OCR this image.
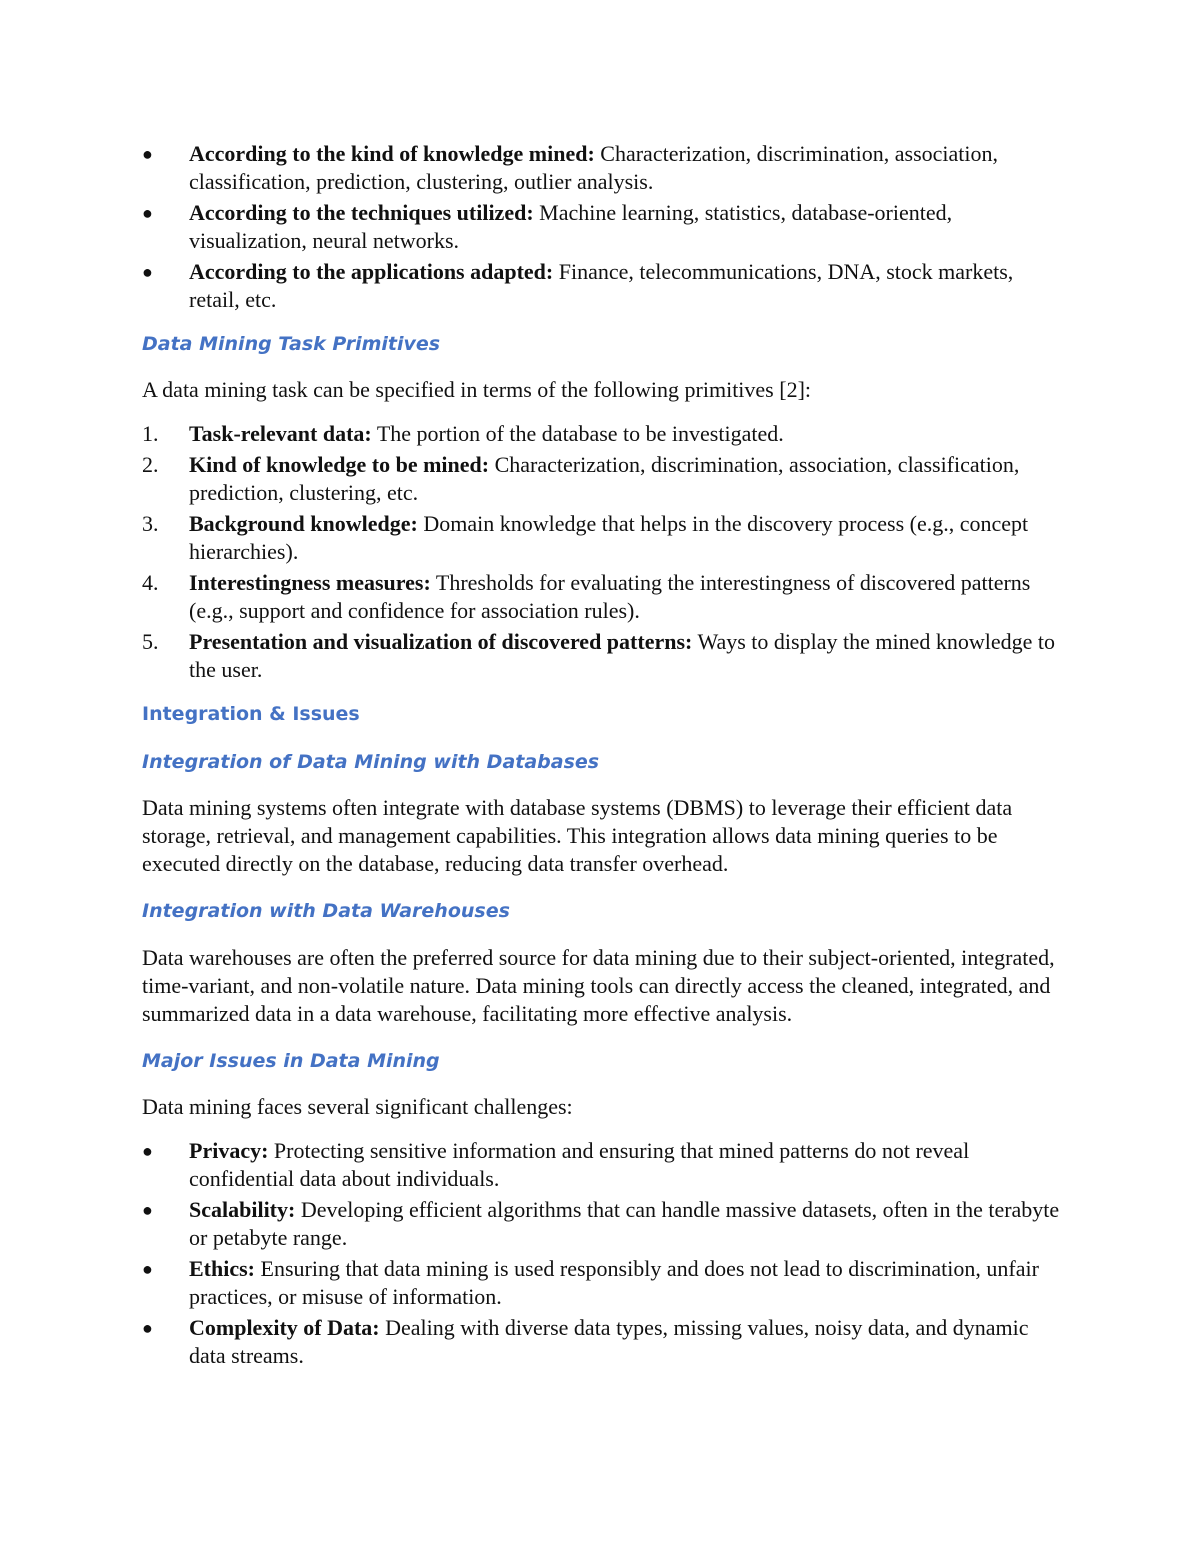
●	According to the kind of knowledge mined: Characterization, discrimination, association, classification, prediction, clustering, outlier analysis.
●	According to the techniques utilized: Machine learning, statistics, database-oriented, visualization, neural networks.
●	According to the applications adapted: Finance, telecommunications, DNA, stock markets, retail, etc.
Data Mining Task Primitives

A data mining task can be specified in terms of the following primitives [2]:

1.	Task-relevant data: The portion of the database to be investigated.
2.	Kind of knowledge to be mined: Characterization, discrimination, association, classification, prediction, clustering, etc.
3.	Background knowledge: Domain knowledge that helps in the discovery process (e.g., concept hierarchies).
4.	Interestingness measures: Thresholds for evaluating the interestingness of discovered patterns (e.g., support and confidence for association rules).
5.	Presentation and visualization of discovered patterns: Ways to display the mined knowledge to the user.
Integration & Issues
Integration of Data Mining with Databases

Data mining systems often integrate with database systems (DBMS) to leverage their efficient data storage, retrieval, and management capabilities. This integration allows data mining queries to be executed directly on the database, reducing data transfer overhead.

Integration with Data Warehouses

Data warehouses are often the preferred source for data mining due to their subject-oriented, integrated, time-variant, and non-volatile nature. Data mining tools can directly access the cleaned, integrated, and summarized data in a data warehouse, facilitating more effective analysis.

Major Issues in Data Mining

Data mining faces several significant challenges:

●	Privacy: Protecting sensitive information and ensuring that mined patterns do not reveal confidential data about individuals.
●	Scalability: Developing efficient algorithms that can handle massive datasets, often in the terabyte or petabyte range.
●	Ethics: Ensuring that data mining is used responsibly and does not lead to discrimination, unfair practices, or misuse of information.
●	Complexity of Data: Dealing with diverse data types, missing values, noisy data, and dynamic data streams.
